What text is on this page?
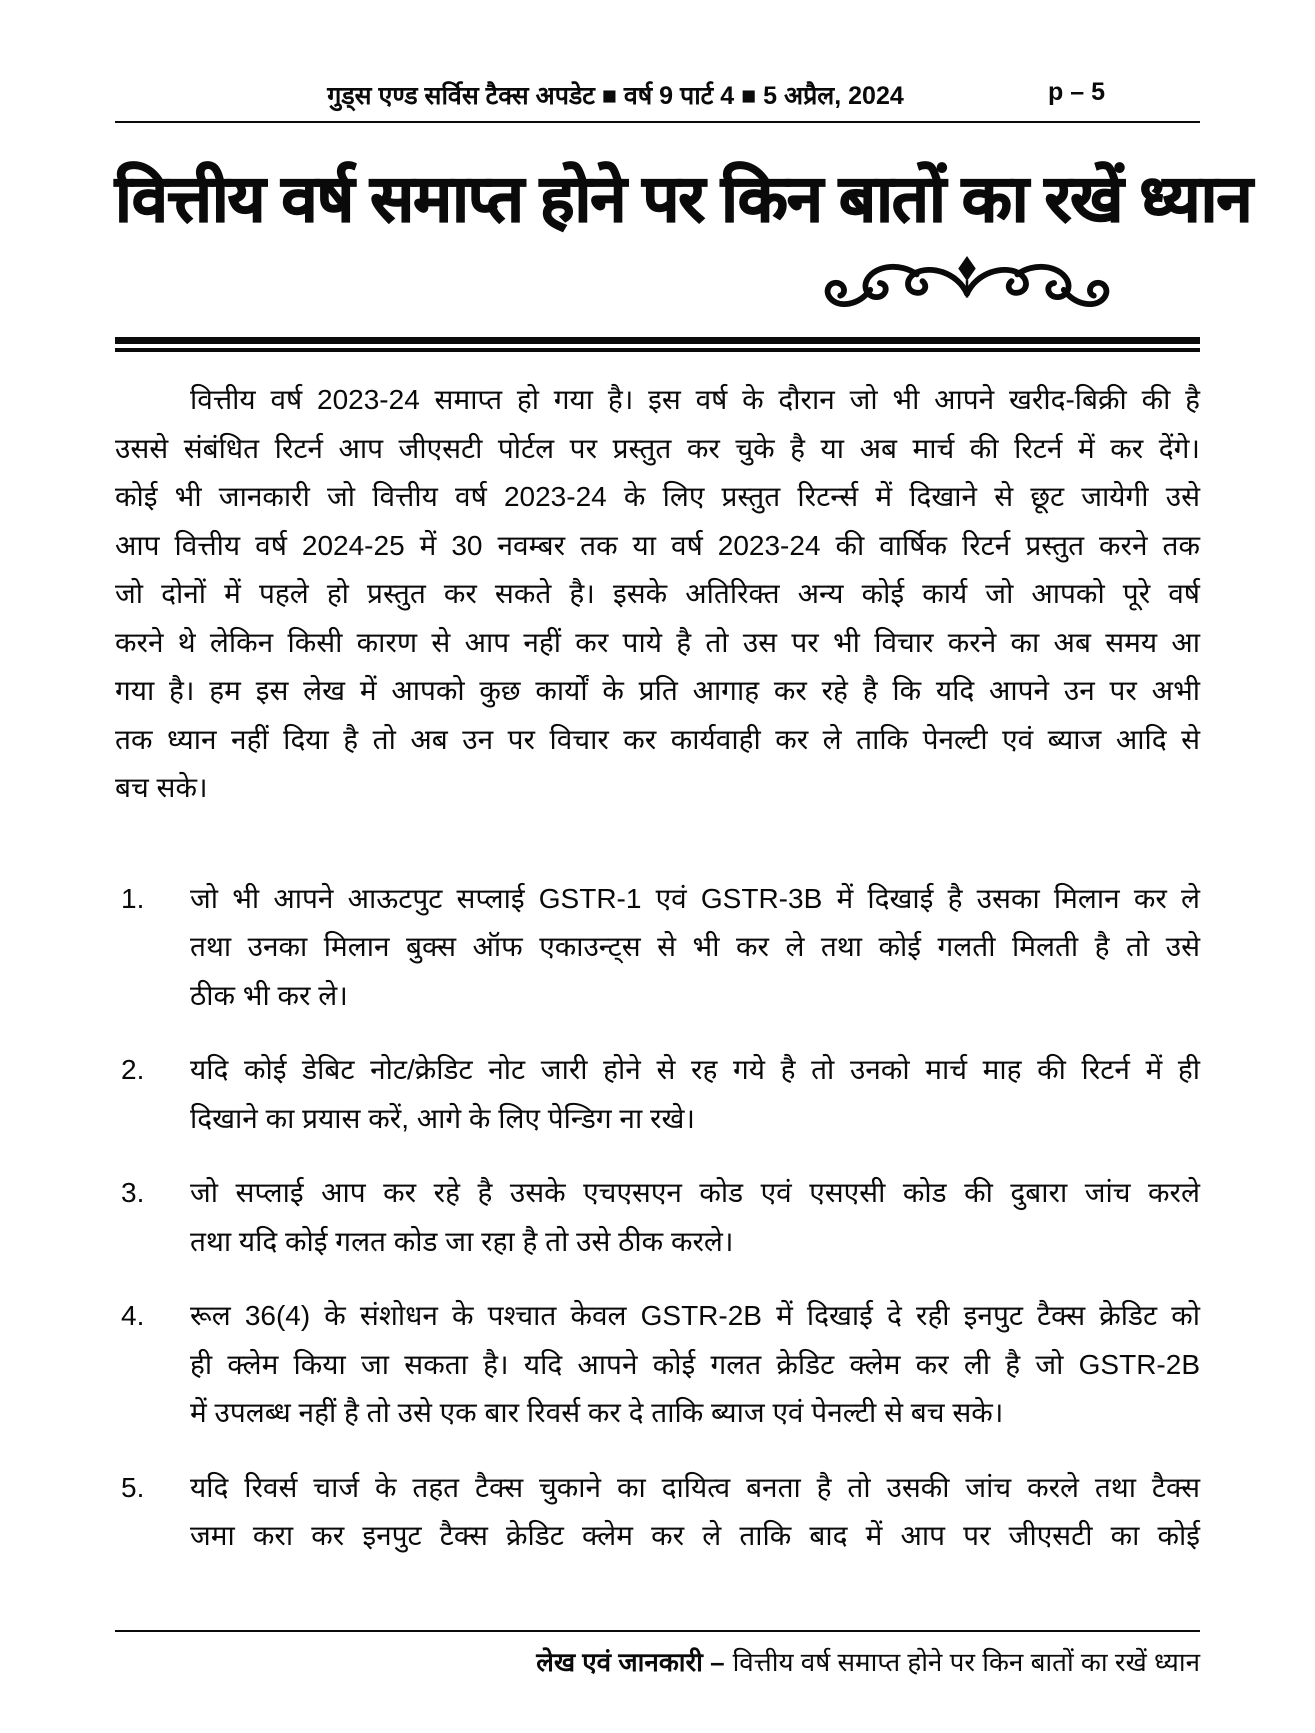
गुड्स एण्ड सर्विस टैक्स अपडेट ■ वर्ष 9 पार्ट 4 ■ 5 अप्रैल, 2024	p – 5
वित्तीय वर्ष समाप्त होने पर किन बातों का रखें ध्यान
वित्तीय वर्ष 2023-24 समाप्त हो गया है। इस वर्ष के दौरान जो भी आपने खरीद-बिक्री की है
उससे संबंधित रिटर्न आप जीएसटी पोर्टल पर प्रस्तुत कर चुके है या अब मार्च की रिटर्न में कर देंगे।
कोई भी जानकारी जो वित्तीय वर्ष 2023-24 के लिए प्रस्तुत रिटर्न्स में दिखाने से छूट जायेगी उसे
आप वित्तीय वर्ष 2024-25 में 30 नवम्बर तक या वर्ष 2023-24 की वार्षिक रिटर्न प्रस्तुत करने तक
जो दोनों में पहले हो प्रस्तुत कर सकते है। इसके अतिरिक्त अन्य कोई कार्य जो आपको पूरे वर्ष
करने थे लेकिन किसी कारण से आप नहीं कर पाये है तो उस पर भी विचार करने का अब समय आ
गया है। हम इस लेख में आपको कुछ कार्यों के प्रति आगाह कर रहे है कि यदि आपने उन पर अभी
तक ध्यान नहीं दिया है तो अब उन पर विचार कर कार्यवाही कर ले ताकि पेनल्टी एवं ब्याज आदि से
बच सके।
1. जो भी आपने आऊटपुट सप्लाई GSTR-1 एवं GSTR-3B में दिखाई है उसका मिलान कर ले
तथा उनका मिलान बुक्स ऑफ एकाउन्ट्स से भी कर ले तथा कोई गलती मिलती है तो उसे
ठीक भी कर ले।
2. यदि कोई डेबिट नोट/क्रेडिट नोट जारी होने से रह गये है तो उनको मार्च माह की रिटर्न में ही
दिखाने का प्रयास करें, आगे के लिए पेन्डिग ना रखे।
3. जो सप्लाई आप कर रहे है उसके एचएसएन कोड एवं एसएसी कोड की दुबारा जांच करले
तथा यदि कोई गलत कोड जा रहा है तो उसे ठीक करले।
4. रूल 36(4) के संशोधन के पश्चात केवल GSTR-2B में दिखाई दे रही इनपुट टैक्स क्रेडिट को
ही क्लेम किया जा सकता है। यदि आपने कोई गलत क्रेडिट क्लेम कर ली है जो GSTR-2B
में उपलब्ध नहीं है तो उसे एक बार रिवर्स कर दे ताकि ब्याज एवं पेनल्टी से बच सके।
5. यदि रिवर्स चार्ज के तहत टैक्स चुकाने का दायित्व बनता है तो उसकी जांच करले तथा टैक्स
जमा करा कर इनपुट टैक्स क्रेडिट क्लेम कर ले ताकि बाद में आप पर जीएसटी का कोई
लेख एवं जानकारी – वित्तीय वर्ष समाप्त होने पर किन बातों का रखें ध्यान
